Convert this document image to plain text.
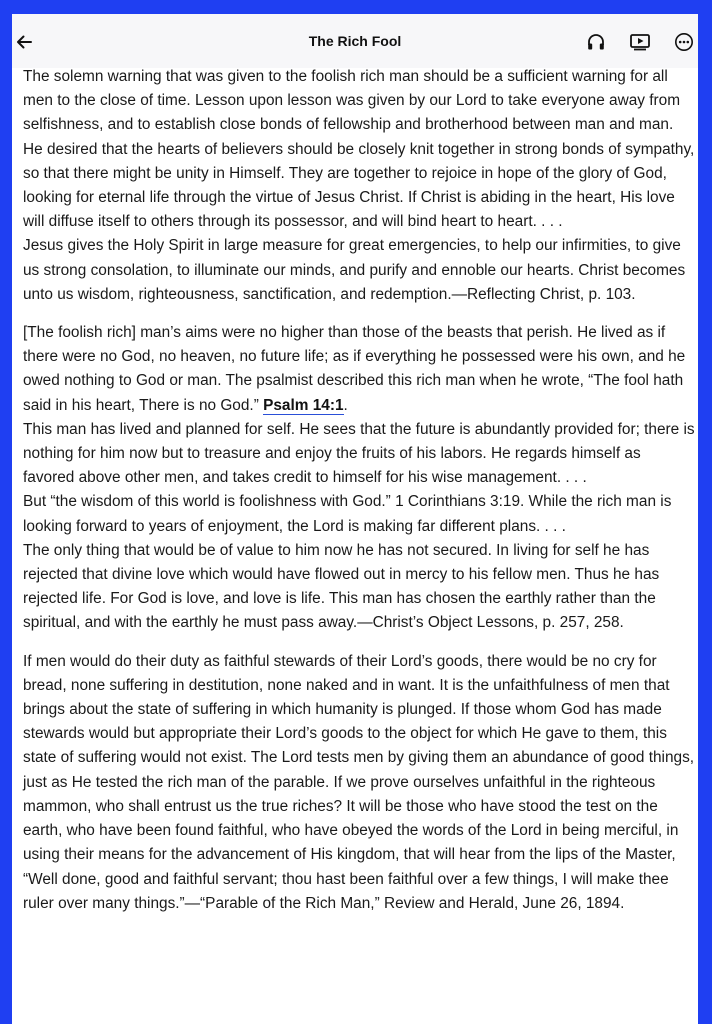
The Rich Fool

The solemn warning that was given to the foolish rich man should be a sufficient warning for all men to the close of time. Lesson upon lesson was given by our Lord to take everyone away from selfishness, and to establish close bonds of fellowship and brotherhood between man and man. He desired that the hearts of believers should be closely knit together in strong bonds of sympathy, so that there might be unity in Himself. They are together to rejoice in hope of the glory of God, looking for eternal life through the virtue of Jesus Christ. If Christ is abiding in the heart, His love will diffuse itself to others through its possessor, and will bind heart to heart. . . .

Jesus gives the Holy Spirit in large measure for great emergencies, to help our infirmities, to give us strong consolation, to illuminate our minds, and purify and ennoble our hearts. Christ becomes unto us wisdom, righteousness, sanctification, and redemption.—Reflecting Christ, p. 103.

[The foolish rich] man’s aims were no higher than those of the beasts that perish. He lived as if there were no God, no heaven, no future life; as if everything he possessed were his own, and he owed nothing to God or man. The psalmist described this rich man when he wrote, “The fool hath said in his heart, There is no God.” Psalm 14:1.

This man has lived and planned for self. He sees that the future is abundantly provided for; there is nothing for him now but to treasure and enjoy the fruits of his labors. He regards himself as favored above other men, and takes credit to himself for his wise management. . . .

But “the wisdom of this world is foolishness with God.” 1 Corinthians 3:19. While the rich man is looking forward to years of enjoyment, the Lord is making far different plans. . . .

The only thing that would be of value to him now he has not secured. In living for self he has rejected that divine love which would have flowed out in mercy to his fellow men. Thus he has rejected life. For God is love, and love is life. This man has chosen the earthly rather than the spiritual, and with the earthly he must pass away.—Christ’s Object Lessons, p. 257, 258.

If men would do their duty as faithful stewards of their Lord’s goods, there would be no cry for bread, none suffering in destitution, none naked and in want. It is the unfaithfulness of men that brings about the state of suffering in which humanity is plunged. If those whom God has made stewards would but appropriate their Lord’s goods to the object for which He gave to them, this state of suffering would not exist. The Lord tests men by giving them an abundance of good things, just as He tested the rich man of the parable. If we prove ourselves unfaithful in the righteous mammon, who shall entrust us the true riches? It will be those who have stood the test on the earth, who have been found faithful, who have obeyed the words of the Lord in being merciful, in using their means for the advancement of His kingdom, that will hear from the lips of the Master, “Well done, good and faithful servant; thou hast been faithful over a few things, I will make thee ruler over many things.”—“Parable of the Rich Man,” Review and Herald, June 26, 1894.
